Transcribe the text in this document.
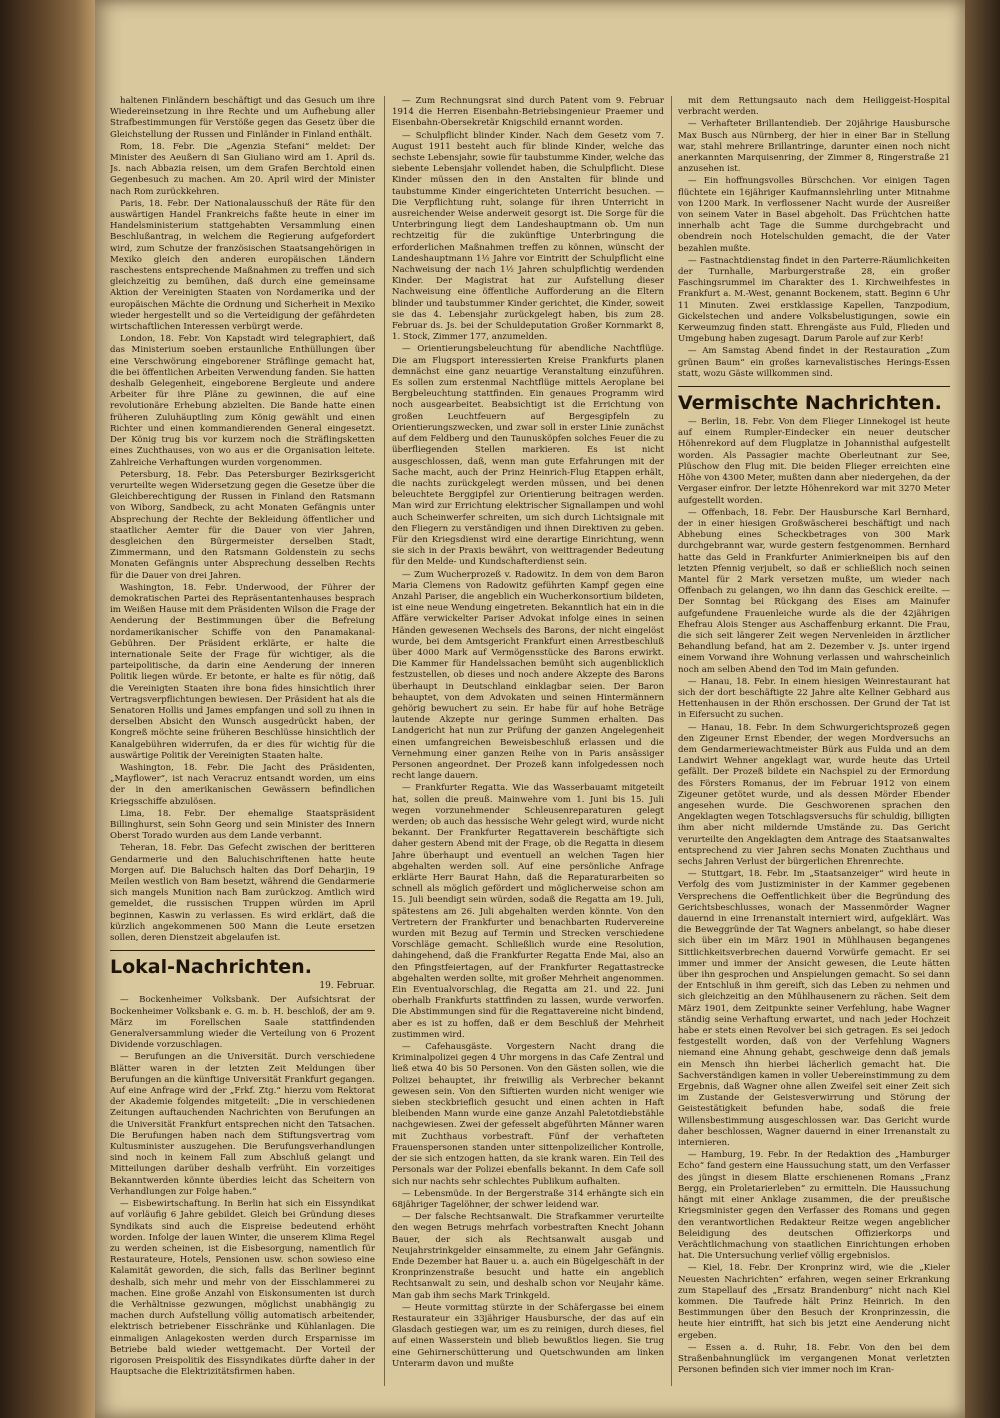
haltenen Finländern beschäftigt und das Gesuch um ihre Wiedereinsetzung in ihre Rechte und um Aufhebung aller Strafbestimmungen für Verstöße gegen das Gesetz über die Gleichstellung der Russen und Finländer in Finland enthält.

Rom, 18. Febr. Die „Agenzia Stefani“ meldet: Der Minister des Aeußern di San Giuliano wird am 1. April ds. Js. nach Abbazia reisen, um dem Grafen Berchtold einen Gegenbesuch zu machen. Am 20. April wird der Minister nach Rom zurückkehren.

Paris, 18. Febr. Der Nationalausschuß der Räte für den auswärtigen Handel Frankreichs faßte heute in einer im Handelsministerium stattgehabten Versammlung einen Beschlußantrag, in welchem die Regierung aufgefordert wird, zum Schutze der französischen Staatsangehörigen in Mexiko gleich den anderen europäischen Ländern raschestens entsprechende Maßnahmen zu treffen und sich gleichzeitig zu bemühen, daß durch eine gemeinsame Aktion der Vereinigten Staaten von Nordamerika und der europäischen Mächte die Ordnung und Sicherheit in Mexiko wieder hergestellt und so die Verteidigung der gefährdeten wirtschaftlichen Interessen verbürgt werde.

London, 18. Febr. Von Kapstadt wird telegraphiert, daß das Ministerium soeben erstaunliche Enthüllungen über eine Verschwörung eingeborener Sträflinge gemacht hat, die bei öffentlichen Arbeiten Verwendung fanden. Sie hatten deshalb Gelegenheit, eingeborene Bergleute und andere Arbeiter für ihre Pläne zu gewinnen, die auf eine revolutionäre Erhebung abzielten. Die Bande hatte einen früheren Zuluhäuptling zum König gewählt und einen Richter und einen kommandierenden General eingesetzt. Der König trug bis vor kurzem noch die Sträflingsketten eines Zuchthauses, von wo aus er die Organisation leitete. Zahlreiche Verhaftungen wurden vorgenommen.

Petersburg, 18. Febr. Das Petersburger Bezirksgericht verurteilte wegen Widersetzung gegen die Gesetze über die Gleichberechtigung der Russen in Finland den Ratsmann von Wiborg, Sandbeck, zu acht Monaten Gefängnis unter Absprechung der Rechte der Bekleidung öffentlicher und staatlicher Aemter für die Dauer von vier Jahren, desgleichen den Bürgermeister derselben Stadt, Zimmermann, und den Ratsmann Goldenstein zu sechs Monaten Gefängnis unter Absprechung desselben Rechts für die Dauer von drei Jahren.

Washington, 18. Febr. Underwood, der Führer der demokratischen Partei des Repräsentantenhauses besprach im Weißen Hause mit dem Präsidenten Wilson die Frage der Aenderung der Bestimmungen über die Befreiung nordamerikanischer Schiffe von den Panamakanal-Gebühren. Der Präsident erklärte, er halte die internationale Seite der Frage für wichtiger, als die parteipolitische, da darin eine Aenderung der inneren Politik liegen würde. Er betonte, er halte es für nötig, daß die Vereinigten Staaten ihre bona fides hinsichtlich ihrer Vertragsverpflichtungen bewiesen. Der Präsident hat als die Senatoren Hollis und James empfangen und soll zu ihnen in derselben Absicht den Wunsch ausgedrückt haben, der Kongreß möchte seine früheren Beschlüsse hinsichtlich der Kanalgebühren widerrufen, da er dies für wichtig für die auswärtige Politik der Vereinigten Staaten halte.

Washington, 18. Febr. Die Jacht des Präsidenten, „Mayflower“, ist nach Veracruz entsandt worden, um eins der in den amerikanischen Gewässern befindlichen Kriegsschiffe abzulösen.

Lima, 18. Febr. Der ehemalige Staatspräsident Billinghurst, sein Sohn Georg und sein Minister des Innern Oberst Torado wurden aus dem Lande verbannt.

Teheran, 18. Febr. Das Gefecht zwischen der beritteren Gendarmerie und den Baluchischriftenen hatte heute Morgen auf. Die Baluchsch halten das Dorf Deharjin, 19 Meilen westlich von Bam besetzt, während die Gendarmerie sich mangels Munition nach Bam zurückzog. Amtlich wird gemeldet, die russischen Truppen würden im April beginnen, Kaswin zu verlassen. Es wird erklärt, daß die kürzlich angekommenen 500 Mann die Leute ersetzen sollen, deren Dienstzeit abgelaufen ist.

Lokal-Nachrichten.
19. Februar.

— Bockenheimer Volksbank. Der Aufsichtsrat der Bockenheimer Volksbank e. G. m. b. H. beschloß, der am 9. März im Forellschen Saale stattfindenden Generalversammlung wieder die Verteilung von 6 Prozent Dividende vorzuschlagen.

— Berufungen an die Universität. Durch verschiedene Blätter waren in der letzten Zeit Meldungen über Berufungen an die künftige Universität Frankfurt gegangen. Auf eine Anfrage wird der „Frkf. Ztg.“ hierzu vom Rektorat der Akademie folgendes mitgeteilt: „Die in verschiedenen Zeitungen auftauchenden Nachrichten von Berufungen an die Universität Frankfurt entsprechen nicht den Tatsachen. Die Berufungen haben nach dem Stiftungsvertrag vom Kultusminister auszugehen. Die Berufungsverhandlungen sind noch in keinem Fall zum Abschluß gelangt und Mitteilungen darüber deshalb verfrüht. Ein vorzeitiges Bekanntwerden könnte überdies leicht das Scheitern von Verhandlungen zur Folge haben.“

— Eisbewirtschaftung. In Berlin hat sich ein Eissyndikat auf vorläufig 6 Jahre gebildet. Gleich bei Gründung dieses Syndikats sind auch die Eispreise bedeutend erhöht worden. Infolge der lauen Winter, die unserem Klima Regel zu werden scheinen, ist die Eisbesorgung, namentlich für Restaurateure, Hotels, Pensionen usw. schon sowieso eine Kalamität geworden, die sich, falls das Berliner beginnt deshalb, sich mehr und mehr von der Eisschlammerei zu machen. Eine große Anzahl von Eiskonsumenten ist durch die Verhältnisse gezwungen, möglichst unabhängig zu machen durch Aufstellung völlig automatisch arbeitender, elektrisch betriebener Eisschränke und Kühlanlagen. Die einmaligen Anlagekosten werden durch Ersparnisse im Betriebe bald wieder wettgemacht. Der Vorteil der rigorosen Preispolitik des Eissyndikates dürfte daher in der Hauptsache die Elektrizitätsfirmen haben.

— Zum Rechnungsrat sind durch Patent vom 9. Februar 1914 die Herren Eisenbahn-Betriebsingenieur Praemer und Eisenbahn-Obersekretär Knigschild ernannt worden.

— Schulpflicht blinder Kinder. Nach dem Gesetz vom 7. August 1911 besteht auch für blinde Kinder, welche das sechste Lebensjahr, sowie für taubstumme Kinder, welche das siebente Lebensjahr vollendet haben, die Schulpflicht. Diese Kinder müssen den in den Anstalten für blinde und taubstumme Kinder eingerichteten Unterricht besuchen. — Die Verpflichtung ruht, solange für ihren Unterricht in ausreichender Weise anderweit gesorgt ist. Die Sorge für die Unterbringung liegt dem Landeshauptmann ob. Um nun rechtzeitig für die zukünftige Unterbringung die erforderlichen Maßnahmen treffen zu können, wünscht der Landeshauptmann 1½ Jahre vor Eintritt der Schulpflicht eine Nachweisung der nach 1½ Jahren schulpflichtig werdenden Kinder. Der Magistrat hat zur Aufstellung dieser Nachweisung eine öffentliche Aufforderung an die Eltern blinder und taubstummer Kinder gerichtet, die Kinder, soweit sie das 4. Lebensjahr zurückgelegt haben, bis zum 28. Februar ds. Js. bei der Schuldeputation Großer Kornmarkt 8, 1. Stock, Zimmer 177, anzumelden.

— Orientierungsbeleuchtung für abendliche Nachtflüge. Die am Flugsport interessierten Kreise Frankfurts planen demnächst eine ganz neuartige Veranstaltung einzuführen. Es sollen zum erstenmal Nachtflüge mittels Aeroplane bei Bergbeleuchtung stattfinden. Ein genaues Programm wird noch ausgearbeitet. Beabsichtigt ist die Errichtung von großen Leuchtfeuern auf Bergesgipfeln zu Orientierungszwecken, und zwar soll in erster Linie zunächst auf dem Feldberg und den Taunusköpfen solches Feuer die zu überfliegenden Stellen markieren. Es ist nicht ausgeschlossen, daß, wenn man gute Erfahrungen mit der Sache macht, auch der Prinz Heinrich-Flug Etappen erhält, die nachts zurückgelegt werden müssen, und bei denen beleuchtete Berggipfel zur Orientierung beitragen werden. Man wird zur Errichtung elektrischer Signallampen und wohl auch Scheinwerfer schreiten, um sich durch Lichtsignale mit den Fliegern zu verständigen und ihnen Direktiven zu geben. Für den Kriegsdienst wird eine derartige Einrichtung, wenn sie sich in der Praxis bewährt, von weittragender Bedeutung für den Melde- und Kundschafterdienst sein.

— Zum Wucherprozeß v. Radowitz. In dem von dem Baron Maria Clemens von Radowitz geführten Kampf gegen eine Anzahl Pariser, die angeblich ein Wucherkonsortium bildeten, ist eine neue Wendung eingetreten. Bekanntlich hat ein in die Affäre verwickelter Pariser Advokat infolge eines in seinen Händen gewesenen Wechsels des Barons, der nicht eingelöst wurde, bei dem Amtsgericht Frankfurt einen Arrestbeschluß über 4000 Mark auf Vermögensstücke des Barons erwirkt. Die Kammer für Handelssachen bemüht sich augenblicklich festzustellen, ob dieses und noch andere Akzepte des Barons überhaupt in Deutschland einklagbar seien. Der Baron behauptet, von dem Advokaten und seinen Hintermännern gehörig bewuchert zu sein. Er habe für auf hohe Beträge lautende Akzepte nur geringe Summen erhalten. Das Landgericht hat nun zur Prüfung der ganzen Angelegenheit einen umfangreichen Beweisbeschluß erlassen und die Vernehmung einer ganzen Reihe von in Paris ansässiger Personen angeordnet. Der Prozeß kann infolgedessen noch recht lange dauern.

— Frankfurter Regatta. Wie das Wasserbauamt mitgeteilt hat, sollen die preuß. Mainwehre vom 1. Juni bis 15. Juli wegen vorzunehmender Schleusenreparaturen gelegt werden; ob auch das hessische Wehr gelegt wird, wurde nicht bekannt. Der Frankfurter Regattaverein beschäftigte sich daher gestern Abend mit der Frage, ob die Regatta in diesem Jahre überhaupt und eventuell an welchen Tagen hier abgehalten werden soll. Auf eine persönliche Anfrage erklärte Herr Baurat Hahn, daß die Reparaturarbeiten so schnell als möglich gefördert und möglicherweise schon am 15. Juli beendigt sein würden, sodaß die Regatta am 19. Juli, spätestens am 26. Juli abgehalten werden könnte. Von den Vertretern der Frankfurter und benachbarten Rudervereine wurden mit Bezug auf Termin und Strecken verschiedene Vorschläge gemacht. Schließlich wurde eine Resolution, dahingehend, daß die Frankfurter Regatta Ende Mai, also an den Pfingstfeiertagen, auf der Frankfurter Regattastrecke abgehalten werden sollte, mit großer Mehrheit angenommen. Ein Eventualvorschlag, die Regatta am 21. und 22. Juni oberhalb Frankfurts stattfinden zu lassen, wurde verworfen. Die Abstimmungen sind für die Regattavereine nicht bindend, aber es ist zu hoffen, daß er dem Beschluß der Mehrheit zustimmen wird.

— Cafehausgäste. Vorgestern Nacht drang die Kriminalpolizei gegen 4 Uhr morgens in das Cafe Zentral und ließ etwa 40 bis 50 Personen. Von den Gästen sollen, wie die Polizei behauptet, ihr freiwillig als Verbrecher bekannt gewesen sein. Von den Siftierten wurden nicht weniger wie sieben steckbrieflich gesucht und einen achten in Haft bleibenden Mann wurde eine ganze Anzahl Paletotdiebstähle nachgewiesen. Zwei der gefesselt abgeführten Männer waren mit Zuchthaus vorbestraft. Fünf der verhafteten Frauenspersonen standen unter sittenpolizeilicher Kontrolle, der sie sich entzogen hatten, da sie krank waren. Ein Teil des Personals war der Polizei ebenfalls bekannt. In dem Cafe soll sich nur nachts sehr schlechtes Publikum aufhalten.

— Lebensmüde. In der Bergerstraße 314 erhängte sich ein 68jähriger Tagelöhner, der schwer leidend war.

— Der falsche Rechtsanwalt. Die Strafkammer verurteilte den wegen Betrugs mehrfach vorbestraften Knecht Johann Bauer, der sich als Rechtsanwalt ausgab und Neujahrstrinkgelder einsammelte, zu einem Jahr Gefängnis. Ende Dezember hat Bauer u. a. auch ein Bügelgeschäft in der Kronprinzenstraße besucht und hatte ein angeblich Rechtsanwalt zu sein, und deshalb schon vor Neujahr käme. Man gab ihm sechs Mark Trinkgeld.

— Heute vormittag stürzte in der Schäfergasse bei einem Restaurateur ein 33jähriger Hausbursche, der das auf ein Glasdach gestiegen war, um es zu reinigen, durch dieses, fiel auf einen Wasserstein und blieb bewußtlos liegen. Sie trug eine Gehirnerschütterung und Quetschwunden am linken Unterarm davon und mußte

mit dem Rettungsauto nach dem Heiliggeist-Hospital verbracht werden.

— Verhafteter Brillantendieb. Der 20jährige Hausbursche Max Busch aus Nürnberg, der hier in einer Bar in Stellung war, stahl mehrere Brillantringe, darunter einen noch nicht anerkannten Marquisenring, der Zimmer 8, Ringerstraße 21 anzusehen ist.

— Ein hoffnungsvolles Bürschchen. Vor einigen Tagen flüchtete ein 16jähriger Kaufmannslehrling unter Mitnahme von 1200 Mark. In verflossener Nacht wurde der Ausreißer von seinem Vater in Basel abgeholt. Das Früchtchen hatte innerhalb acht Tage die Summe durchgebracht und obendrein noch Hotelschulden gemacht, die der Vater bezahlen mußte.

— Fastnachtdienstag findet in den Parterre-Räumlichkeiten der Turnhalle, Marburgerstraße 28, ein großer Faschingsrummel im Charakter des 1. Kirchweihfestes in Frankfurt a. M.-West, genannt Bockenem, statt. Beginn 6 Uhr 11 Minuten. Zwei erstklassige Kapellen, Tanzpodium, Gickelstechen und andere Volksbelustigungen, sowie ein Kerweumzug finden statt. Ehrengäste aus Fuld, Flieden und Umgebung haben zugesagt. Darum Parole auf zur Kerb!

— Am Samstag Abend findet in der Restauration „Zum grünen Baum“ ein großes karnevalistisches Herings-Essen statt, wozu Gäste willkommen sind.

Vermischte Nachrichten.

— Berlin, 18. Febr. Von dem Flieger Linnekogel ist heute auf einem Rumpler-Eindecker ein neuer deutscher Höhenrekord auf dem Flugplatze in Johannisthal aufgestellt worden. Als Passagier machte Oberleutnant zur See, Plüschow den Flug mit. Die beiden Flieger erreichten eine Höhe von 4300 Meter, mußten dann aber niedergehen, da der Vergaser einfror. Der letzte Höhenrekord war mit 3270 Meter aufgestellt worden.

— Offenbach, 18. Febr. Der Hausbursche Karl Bernhard, der in einer hiesigen Großwäscherei beschäftigt und nach Abhebung eines Scheckbetrages von 300 Mark durchgebrannt war, wurde gestern festgenommen. Bernhard hatte das Geld in Frankfurter Animierkneipen bis auf den letzten Pfennig verjubelt, so daß er schließlich noch seinen Mantel für 2 Mark versetzen mußte, um wieder nach Offenbach zu gelangen, wo ihn dann das Geschick ereilte. — Der Sonntag bei Rückgang des Eises am Mainufer aufgefundene Frauenleiche wurde als die der 42jährigen Ehefrau Alois Stenger aus Aschaffenburg erkannt. Die Frau, die sich seit längerer Zeit wegen Nervenleiden in ärztlicher Behandlung befand, hat am 2. Dezember v. Js. unter irgend einem Vorwand ihre Wohnung verlassen und wahrscheinlich noch am selben Abend den Tod im Main gefunden.

— Hanau, 18. Febr. In einem hiesigen Weinrestaurant hat sich der dort beschäftigte 22 Jahre alte Kellner Gebhard aus Hettenhausen in der Rhön erschossen. Der Grund der Tat ist in Eifersucht zu suchen.

— Hanau, 18. Febr. In dem Schwurgerichtsprozeß gegen den Zigeuner Ernst Ebender, der wegen Mordversuchs an dem Gendarmeriewachtmeister Bürk aus Fulda und an dem Landwirt Wehner angeklagt war, wurde heute das Urteil gefällt. Der Prozeß bildete ein Nachspiel zu der Ermordung des Försters Romanus, der im Februar 1912 von einem Zigeuner getötet wurde, und als dessen Mörder Ebender angesehen wurde. Die Geschworenen sprachen den Angeklagten wegen Totschlagsversuchs für schuldig, billigten ihm aber nicht mildernde Umstände zu. Das Gericht verurteilte den Angeklagten dem Antrage des Staatsanwaltes entsprechend zu vier Jahren sechs Monaten Zuchthaus und sechs Jahren Verlust der bürgerlichen Ehrenrechte.

— Stuttgart, 18. Febr. Im „Staatsanzeiger“ wird heute in Verfolg des vom Justizminister in der Kammer gegebenen Versprechens die Oeffentlichkeit über die Begründung des Gerichtsbeschlusses, wonach der Massenmörder Wagner dauernd in eine Irrenanstalt interniert wird, aufgeklärt. Was die Beweggründe der Tat Wagners anbelangt, so habe dieser sich über ein im März 1901 in Mühlhausen begangenes Sittlichkeitsverbrechen dauernd Vorwürfe gemacht. Er sei immer und immer der Ansicht gewesen, die Leute hätten über ihn gesprochen und Anspielungen gemacht. So sei dann der Entschluß in ihm gereift, sich das Leben zu nehmen und sich gleichzeitig an den Mühlhausenern zu rächen. Seit dem März 1901, dem Zeitpunkte seiner Verfehlung, habe Wagner ständig seine Verhaftung erwartet, und nach jeder Hochzeit habe er stets einen Revolver bei sich getragen. Es sei jedoch festgestellt worden, daß von der Verfehlung Wagners niemand eine Ahnung gehabt, geschweige denn daß jemals ein Mensch ihn hierbei lächerlich gemacht hat. Die Sachverständigen kamen in voller Uebereinstimmung zu dem Ergebnis, daß Wagner ohne allen Zweifel seit einer Zeit sich im Zustande der Geistesverwirrung und Störung der Geistestätigkeit befunden habe, sodaß die freie Willensbestimmung ausgeschlossen war. Das Gericht wurde daher beschlossen, Wagner dauernd in einer Irrenanstalt zu internieren.

— Hamburg, 19. Febr. In der Redaktion des „Hamburger Echo“ fand gestern eine Haussuchung statt, um den Verfasser des jüngst in diesem Blatte erschienenen Romans „Franz Bergg, ein Proletarierleben“ zu ermitteln. Die Haussuchung hängt mit einer Anklage zusammen, die der preußische Kriegsminister gegen den Verfasser des Romans und gegen den verantwortlichen Redakteur Reitze wegen angeblicher Beleidigung des deutschen Offizierkorps und Verächtlichmachung von staatlichen Einrichtungen erhoben hat. Die Untersuchung verlief völlig ergebnislos.

— Kiel, 18. Febr. Der Kronprinz wird, wie die „Kieler Neuesten Nachrichten“ erfahren, wegen seiner Erkrankung zum Stapellauf des „Ersatz Brandenburg“ nicht nach Kiel kommen. Die Taufrede hält Prinz Heinrich. In den Bestimmungen über den Besuch der Kronprinzessin, die heute hier eintrifft, hat sich bis jetzt eine Aenderung nicht ergeben.

— Essen a. d. Ruhr, 18. Febr. Von den bei dem Straßenbahnunglück im vergangenen Monat verletzten Personen befinden sich vier immer noch im Kran-
